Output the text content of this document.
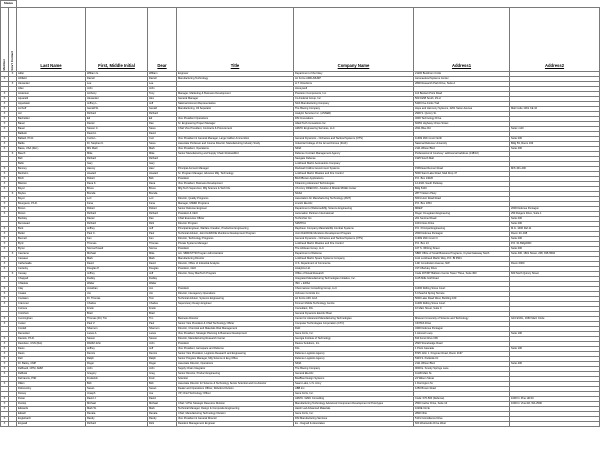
Status								
Member	Gov't Contact	Last Name	First, Middle Initial	Dear	Title	Company Name	Address1	Address2
	X	Adler	William G.	William	Engineer	Department of the Navy	21100 Buckhorn Circle	
X		Ahlfield	Darrell	Darrell	Manufacturing Technology	Air Force AFRL/MLMP	Aeronautical Systems Center	
	X	Alexander	Lee	Lee		H.T. Directions	2800 Research Park Drive, Suite A	
		Allen	John	John		Honeywell		
X		Anderson	Anthony	Tony	Manager, Marketing & Business Development	Precision Components, Inc.	110 Beckett Point Road	
X		Aquarelli	Alexander	Alex	General Manager	Co-Federal Group, Inc.	5613 E58 South, #3-H	
X		Appelstein	Jeffrey L.	Jeff	National Account Representative	NAS Manufacturing Company	5400 Five Forks Trail	
X		Archuff	Gerald W.	Gerald	Manufacturing, Oil Separator	The Boeing Company	Hope and Harmony Systems, 2201 Seton Avenue	Mail Code 1001 CE 10
X		Arc	Richard	Richard		Analytic Services Inc. (ANSER)	2900 S. Quincy St.	
X		Bachelder	Ed	Ed	Vice President Operations	DSI Innovations	4600 Technology Drive	
X		Bauer	Daniel	Dan	Sr. Engineering Project Manager	Allied Tech Innovations Inc.	60051 Highway Chore Street	
X		Bauer	Steven C.	Steve	Chief Vice President, Contracts & Procurement	AMVIC Engineering Services, LLC	2011 Blue Rd	Suite I-120
		Baldwin	David A.	David				
X		Ballard, Ph.D.	Curtis L.	Curt	Vice President & General Manager, Large Caliber Ammunition	General Dynamics - Ordnance and Tactical Systems (OTS)	11399 16th Court North	Suite 200
X		Battle	Dr. Stephen K.	Steve	Associate Professor and Course Director, Manufacturing Industry Study	Industrial College of the Armed Forces (ICAF)	National Defense University	Bldg 59, Room 163
X		Bawa, USA (Ret.)	MG Mark	Mark	Vice President, Operations	NDIA	2111 Wilson Blvd.	Suite 400
	X	Beech	Mike	Mike	Senior Manufacturing and Supply Chain Rockwell/bd	Defense Contract Management Agency	Professional of Courtesy: self/oversell address (138/10)	
		Bell	Richard	Richard		Navigate Defense	1925 South Mall	
		Bello	Gary	Gary		Lockheed Martin Aeronautics Company		
X		Benney	Harvey	Harv	Principal Account Manager	Rockwell Collins Government Systems	1509 East Renner Road	M/S 401-400
X		Benhelm	Howard	Howard	Sr. Program Manager, Advance Mfg. Technology	Lockheed Martin Missiles and Fire Control	5600 Sand Lake Road, Mail Drop 47	
X		Birch	Robert	Bob	President	Birch/Brown Applications	P.O. Box 13026	
X		Blanton	Dana K.	Dana	Vice President, Business Development	Kittanning Advanced Technologies	12-0101 South Parkway	
X		Boyer	Bruce	Bruce	Mfg Tech Supervisor, Mfg Science & Tech Div	US Army RDECOM - Aviation & Missile RD&E Center	Bldg 5416	
	X	Boyles	Brenda	Brenda		NASA	2877 Nelson Pkwy	
X		Boyer	Lori	Lori	Director, Quality Programs	Association for Manufacturing Technology (AMT)	6601 Hunt Road Road	
X		Bourgeois, Ph.D.	Fana	Fana	Manager, MR&D Programs	Lincoln Electric	P.O. Box 1054	
X		Brown	Robert	Robert	Senior Defense Engineer	Department of Defense/Mfg. Science Engineering	MDEP	2000 Defense Pentagon
X		Brown	Richard	Richard	President & CEO	Automation Partners International	Roger Omegleant Engineering	253 Rutgers Drive, Suite 1
		Buckley	Daniel	Dan	Chief Executive Officer	TechnoVer Inc.	201 Sentinel Road	Suite 200
		Bumstead	Richard	Rick	Director Program	SMVPCA	1001 Noss Drive	Suite 200
X		Burk	Jeffrey	Jeff	Principal Engineer, Warfare Creation, Production Engineering	Raytheon Company Materials/Rp Combat Systems	P.O. Principal Engineering	M.G. 1000 Ref.11
X		Butler	Paul C.	Paul	Technical Advisor, Joint DoD/DOE Munitions Development Program	Joint DoD/DOE Munitions Development Program	2600 Defense Pentagon	Room 3C-198
X		Buxnell	Ken	Ken	Director, Technology Programs	General Dynamics - Ordnance and Tactical Systems (OTS)	11399 16th Court N	Suite 200
X		Byrd	Thomas	Thomas	Private Systems Manager	Lockheed Martin Missiles and Fire Control	P.O. Box 13	P.O. 01 Bldg/DFD
X		Byron	Norma Powell	Norma	President	The Arbitean Group, LLC	107 S. Whiting Street	Suite 200
	X	Caccamo	Michael	Mike	Act. SBIR/STTR Program Administrator	Department of Defense	SBIR Office of Small Business Programs, Crystal Gateway North	Suite 406, 1801 Street, 208, 935-5594
X		Cassavo	Mark	Mark	Manufacturing Director	Lockheed Martin Space Systems Company	1111 Lockheed Martin Way, P.O. Bl 3504	
X		Catherwalle	David	David	Director, Office of Industrial Analysis	U.S. Department of Commerce	14th Constitution Avenue, NW	Room 0000
X		Cerlecky	Douglas P.	Douglas	President, CEO	Analytica Ltd.	3171 Berkley Drive	
	X	Cessay	Jeffrey	Jeff	Director, Navy ManTech Program	Office of Naval Research	Code 307/MT Ballston Centre Tower Three, Suite 300	600 North Quincy Street
X		Chappell	Dudley	Dudley		Integrated Manufacturing Technologies Initiative, Inc.	1115 Mills Golf Road	
		Chlaskia	Walter	Walter		ISIC + EDSA		
X		Clay	Jonathan	Jon	President	Chenmarson Consulting Group, LLC	11000 Rolling Stone Court	
X		Coates	Jim	Jim	Director, Interagency Operations	Johnson Controls Inc.	6 Cheerful Spring Terrace	
X		Coolaten	Dr. Thomas	Tom	Technical Advisor, Systems Engineering	Air Force AFC ACA	5000 Lake Road West, Building 160	
X		Crammer	Charles	Charles	Supervisory Design Engineer	Kimmer Mobile Technology Centre	11000 Rolling Stone Court	
		Cutrone	Frank	Frank		Consultant, DG	10 Main Street, Suite 0	
		Crotchett	Brad	Brad		General Dynamics Electric Boat		
X		Cunningham	Thomas (Dr.) Tim	Tim	Business Director	Center for Advanced Manufacturing Technologies	Missouri University of Science and Technology	G10 EVDL, 1650 Marz Circle
X		Custer	Paul V.	Paul	Senior Vice President & Chief Technology Officer	Computer Technologies Corporation (CTC)	CINTAS Drive	
		Cordell	Shannon	Shannon	Director, Chemical and Materials Risk Management	DoD	3400 Defense Pentagon	
		Damecker	Lance A.	Lance	Vice President, Strategic Planning & Business Development	Gene Forts, Inc.	1 Aircourt Loop	Suite 100
X		Daniels, Ph.D.	Steven	Steven	Director, Manufacturing Research Center	Georgia Institute of Technology	813 Ferst Drive NW	
X		Davidson, USN (Ret)	RADM John	John	President	Davies Solutions, Inc.	2520 Stonehedge Road	
X		Davis	Jeffrey	Jeff	Vice President, Aerospace and Defense	Kilo	1 Point Cascade	Suite 100
X		Davis	Dennis	Dennis	Senior Vice President, Logistics Research and Engineering	Defense Logistics Agency	8725 John J. Kingman Road, Room 3137	
X		Dell	Ralph	Ralph	Senior Program Manager, Mfg Science & Eng Office	Defense Logistics Agency	5333 S. Parkside Dr.	
X		Dr. Bailey, CMP	Roger	Roger	Associate Director, Operations	NDIA	2111 Wilson Blvd.	Suite 400
X		DeBoard, CPM, AMM	John	John	Supply Chain Integrator	The Boeing Company	9000 E. Smoky Springs Lane	
X		DeBusk	Gregory	Greg	Senior Director, Product Engineering	General Electric	11130 Main St.	
		DeFrancis, PhD	Frederick	Fred	Scientist	BoeBlue Design Systems	24 Wilson Street	
X		Dillen	Bob	Bob	Associate Director for Science & Technology Senior Scientist and Co-director	Sears Labs, U.S. Army	1 Dorrington St.	
		Dobrovolny	Susan	Susan	Dealer and Operations Officer, Robotics Division	ABB Inc.	1250 Brown Road	
		Dorsey	Joseph	Joe	VP, Chief Technology Officer	Gene Forts, Inc.		
X		Duran	David J.	David		AMVIC / EMC Consulting	Code: 070-500 (Defense)	1000 N. Pine Hill Dr
X		Dunlop	Michael	Michael	Chief / ATSL Strategic Resource Division	Manufacturing Technology Advanced Component Development & Prototypes	2530 Carrier Drive, Suite 10	1000 N. Vine Rd, WA 2500
X		Edwards	Mark W.	Mark	Technical Manager, Design & Composite Engineering	Harsh Led Advanced Materials	1020E Circle	
		Edwell	Renata	Renata	Chief, Manufacturing Technology Division	Gene Forts, Inc.	2800 Ohio	
X		Englehardt	Randy	Randy	Vice President & General Director	DSI Manufacturing Services	5101 Coincidence Drive	
X		Engwall	Richard	Rick	Resident Management Engineer	EL - Dagnell & Associates	600 Westwinds Drive West	
